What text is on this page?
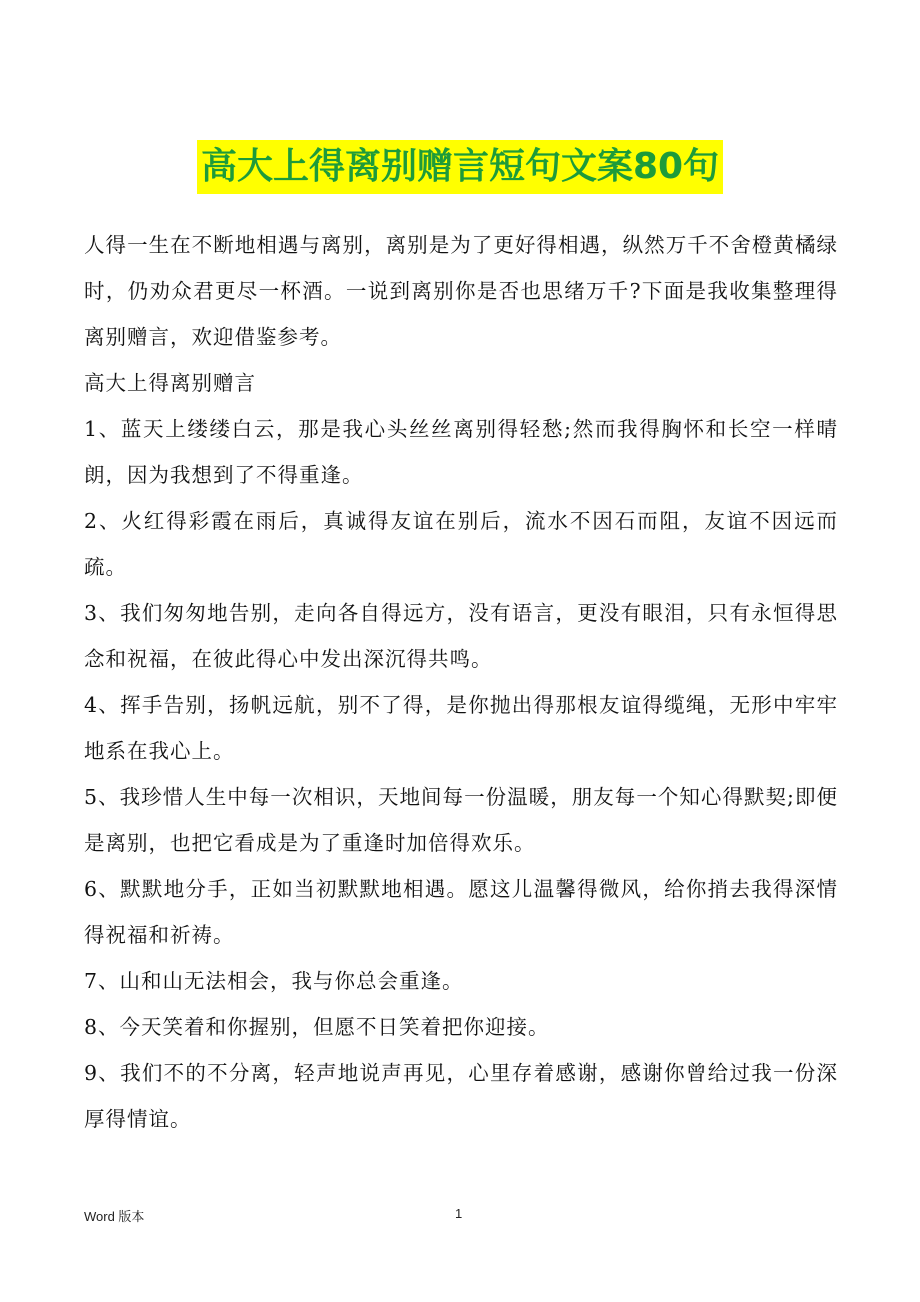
高大上得离别赠言短句文案80句

人得一生在不断地相遇与离别，离别是为了更好得相遇，纵然万千不舍橙黄橘绿时，仍劝众君更尽一杯酒。一说到离别你是否也思绪万千?下面是我收集整理得离别赠言，欢迎借鉴参考。

高大上得离别赠言

1、蓝天上缕缕白云，那是我心头丝丝离别得轻愁;然而我得胸怀和长空一样晴朗，因为我想到了不得重逢。

2、火红得彩霞在雨后，真诚得友谊在别后，流水不因石而阻，友谊不因远而疏。

3、我们匆匆地告别，走向各自得远方，没有语言，更没有眼泪，只有永恒得思念和祝福，在彼此得心中发出深沉得共鸣。

4、挥手告别，扬帆远航，别不了得，是你抛出得那根友谊得缆绳，无形中牢牢地系在我心上。

5、我珍惜人生中每一次相识，天地间每一份温暖，朋友每一个知心得默契;即便是离别，也把它看成是为了重逢时加倍得欢乐。

6、默默地分手，正如当初默默地相遇。愿这儿温馨得微风，给你捎去我得深情得祝福和祈祷。

7、山和山无法相会，我与你总会重逢。

8、今天笑着和你握别，但愿不日笑着把你迎接。

9、我们不的不分离，轻声地说声再见，心里存着感谢，感谢你曾给过我一份深厚得情谊。

Word 版本	1
